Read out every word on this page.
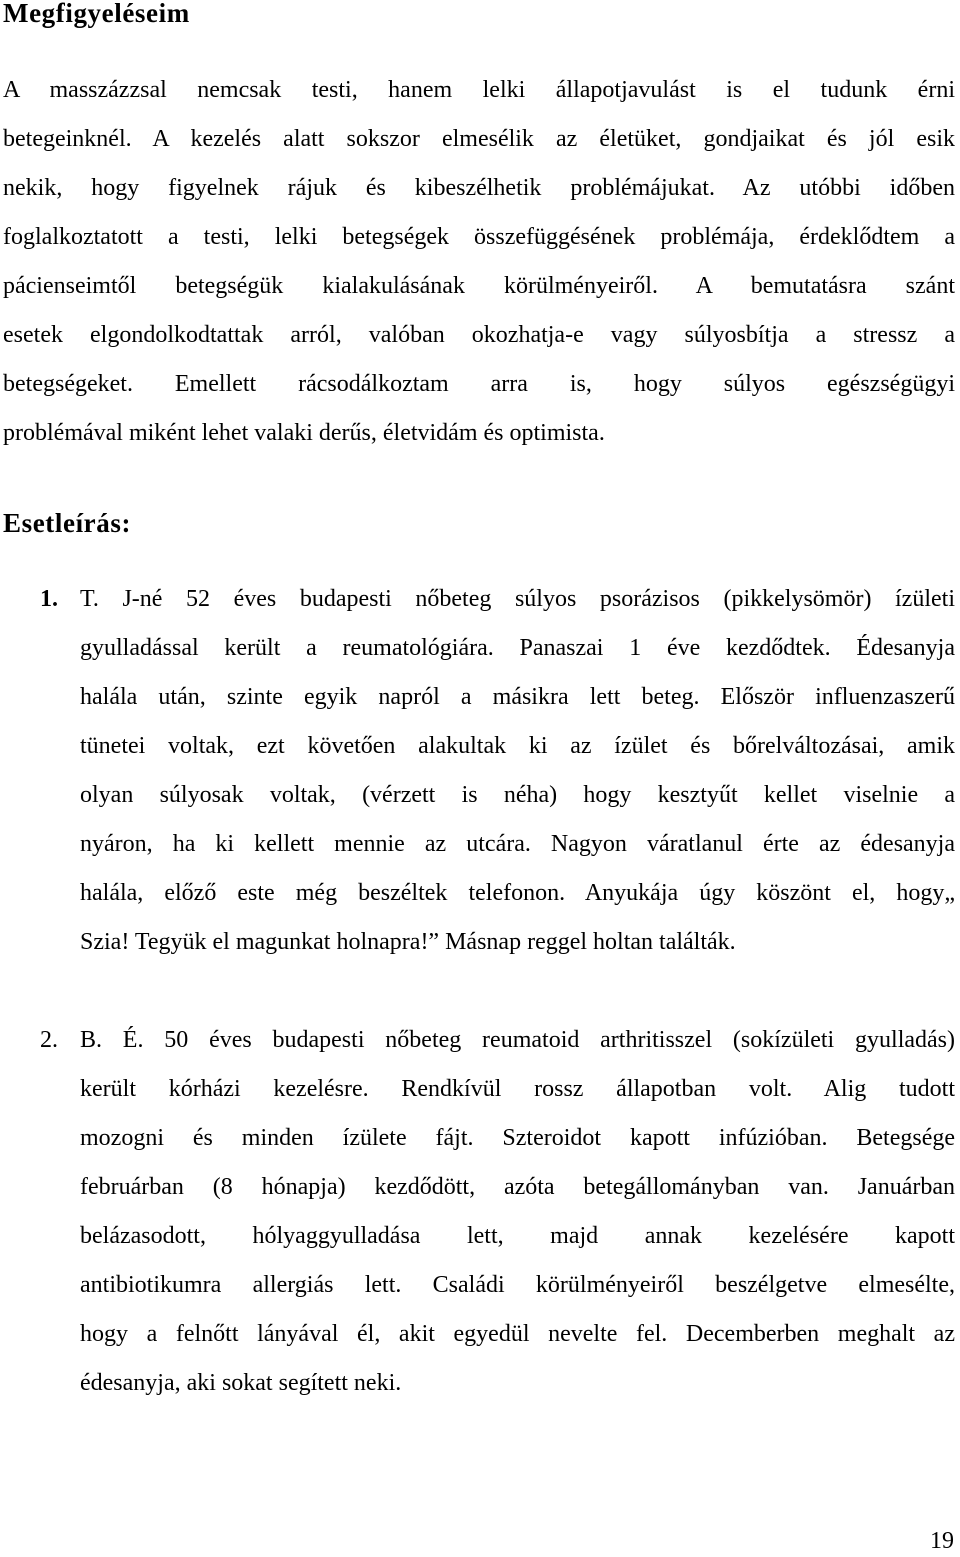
Megfigyeléseim
A masszázzsal nemcsak testi, hanem lelki állapotjavulást is el tudunk érni
betegeinknél. A kezelés alatt sokszor elmesélik az életüket, gondjaikat és jól esik
nekik, hogy figyelnek rájuk és kibeszélhetik problémájukat. Az utóbbi időben
foglalkoztatott a testi, lelki betegségek összefüggésének problémája, érdeklődtem a
pácienseimtől betegségük kialakulásának körülményeiről. A bemutatásra szánt
esetek elgondolkodtattak arról, valóban okozhatja-e vagy súlyosbítja a stressz a
betegségeket. Emellett rácsodálkoztam arra is, hogy súlyos egészségügyi
problémával miként lehet valaki derűs, életvidám és optimista.
Esetleírás:
1. T. J-né 52 éves budapesti nőbeteg súlyos psorázisos (pikkelysömör) ízületi
gyulladással került a reumatológiára. Panaszai 1 éve kezdődtek. Édesanyja
halála után, szinte egyik napról a másikra lett beteg. Először influenzaszerű
tünetei voltak, ezt követően alakultak ki az ízület és bőrelváltozásai, amik
olyan súlyosak voltak, (vérzett is néha) hogy kesztyűt kellet viselnie a
nyáron, ha ki kellett mennie az utcára. Nagyon váratlanul érte az édesanyja
halála, előző este még beszéltek telefonon. Anyukája úgy köszönt el, hogy„
Szia! Tegyük el magunkat holnapra!” Másnap reggel holtan találták.
2. B. É. 50 éves budapesti nőbeteg reumatoid arthritisszel (sokízületi gyulladás)
került kórházi kezelésre. Rendkívül rossz állapotban volt. Alig tudott
mozogni és minden ízülete fájt. Szteroidot kapott infúzióban. Betegsége
februárban (8 hónapja) kezdődött, azóta betegállományban van. Januárban
belázasodott, hólyaggyulladása lett, majd annak kezelésére kapott
antibiotikumra allergiás lett. Családi körülményeiről beszélgetve elmesélte,
hogy a felnőtt lányával él, akit egyedül nevelte fel. Decemberben meghalt az
édesanyja, aki sokat segített neki.
19
